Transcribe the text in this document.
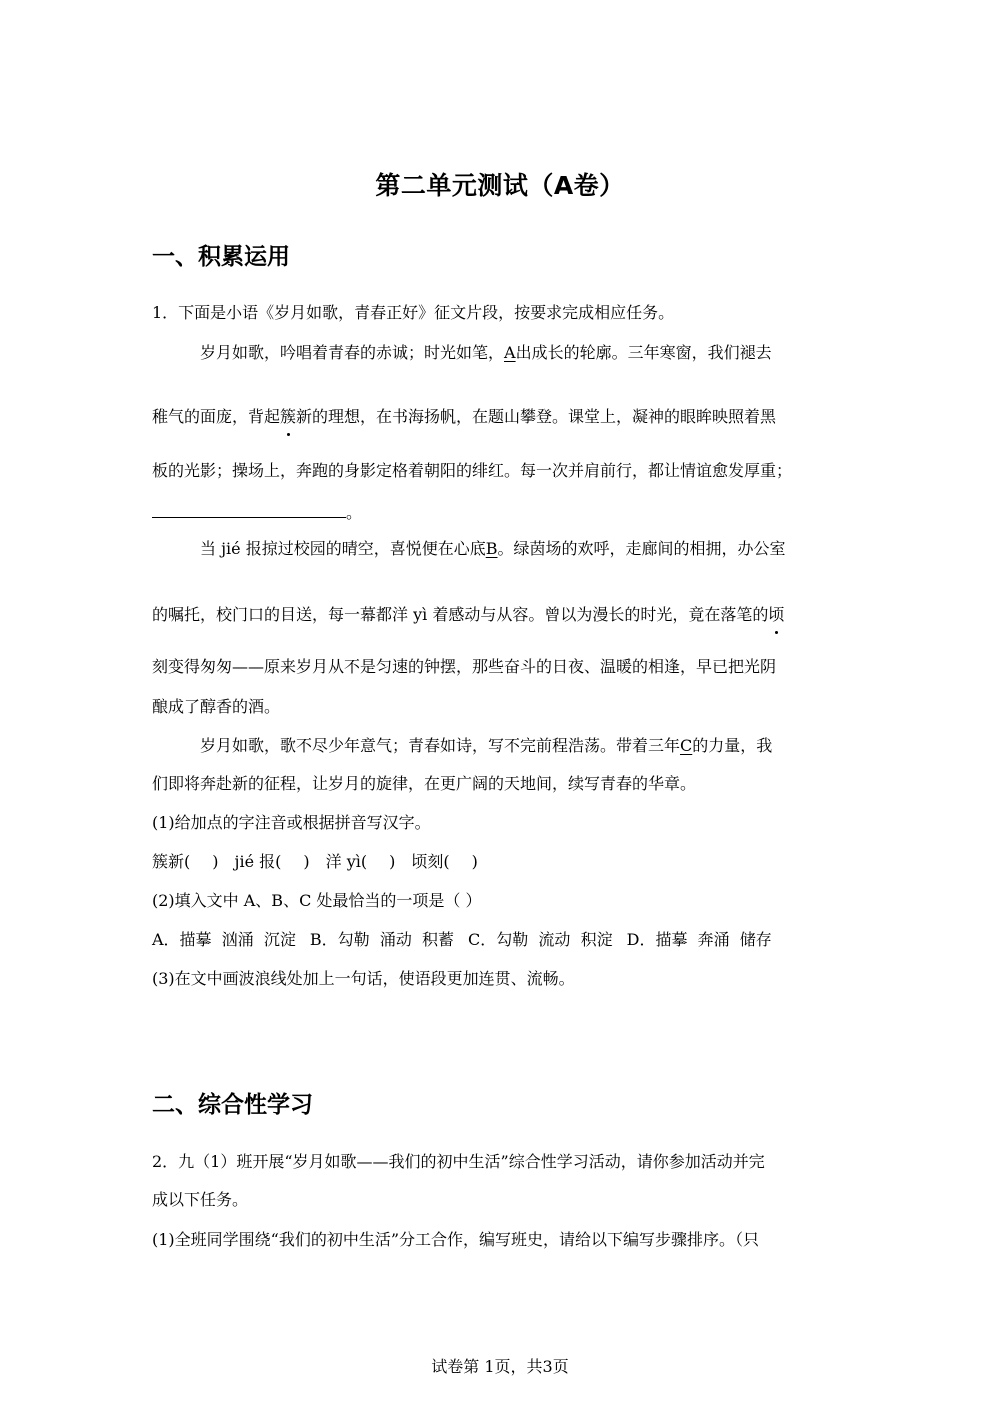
第二单元测试（A卷）
一、积累运用
1．下面是小语《岁月如歌，青春正好》征文片段，按要求完成相应任务。
岁月如歌，吟唱着青春的赤诚；时光如笔，A出成长的轮廓。三年寒窗，我们褪去
稚气的面庞，背起簇新的理想，在书海扬帆，在题山攀登。课堂上，凝神的眼眸映照着黑
板的光影；操场上，奔跑的身影定格着朝阳的绯红。每一次并肩前行，都让情谊愈发厚重；
。
当 jié 报掠过校园的晴空，喜悦便在心底B。绿茵场的欢呼，走廊间的相拥，办公室
的嘱托，校门口的目送，每一幕都洋 yì 着感动与从容。曾以为漫长的时光，竟在落笔的顷
刻变得匆匆——原来岁月从不是匀速的钟摆，那些奋斗的日夜、温暖的相逢，早已把光阴
酿成了醇香的酒。
岁月如歌，歌不尽少年意气；青春如诗，写不完前程浩荡。带着三年C的力量，我
们即将奔赴新的征程，让岁月的旋律，在更广阔的天地间，续写青春的华章。
(1)给加点的字注音或根据拼音写汉字。
簇新( ) jié 报( ) 洋 yì( ) 顷刻( )
(2)填入文中 A、B、C 处最恰当的一项是（ ）
A．描摹  汹涌  沉淀 B．勾勒  涌动  积蓄 C．勾勒  流动  积淀 D．描摹  奔涌  储存
(3)在文中画波浪线处加上一句话，使语段更加连贯、流畅。
二、综合性学习
2．九（1）班开展“岁月如歌——我们的初中生活”综合性学习活动，请你参加活动并完
成以下任务。
(1)全班同学围绕“我们的初中生活”分工合作，编写班史，请给以下编写步骤排序。（只
试卷第 1页，共3页
